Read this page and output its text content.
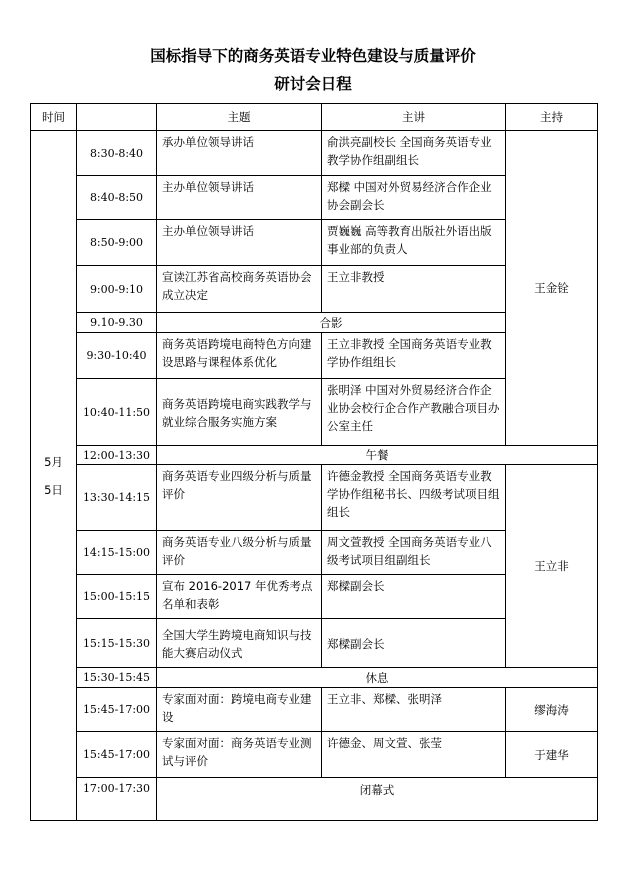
国标指导下的商务英语专业特色建设与质量评价
研讨会日程
时间		主题	主讲	主持
5月5日	8:30-8:40	承办单位领导讲话	俞洪亮副校长 全国商务英语专业教学协作组副组长	王金铨
	8:40-8:50	主办单位领导讲话	郑樑 中国对外贸易经济合作企业协会副会长	
	8:50-9:00	主办单位领导讲话	贾巍巍 高等教育出版社外语出版事业部的负责人	
	9:00-9:10	宣读江苏省高校商务英语协会成立决定	王立非教授	
	9.10-9.30	合影		
	9:30-10:40	商务英语跨境电商特色方向建设思路与课程体系优化	王立非教授 全国商务英语专业教学协作组组长	
	10:40-11:50	商务英语跨境电商实践教学与就业综合服务实施方案	张明泽 中国对外贸易经济合作企业协会校行企合作产教融合项目办公室主任	
	12:00-13:30	午餐		
	13:30-14:15	商务英语专业四级分析与质量评价	许德金教授 全国商务英语专业教学协作组秘书长、四级考试项目组组长	王立非
	14:15-15:00	商务英语专业八级分析与质量评价	周文萱教授 全国商务英语专业八级考试项目组副组长	
	15:00-15:15	宣布 2016-2017 年优秀考点名单和表彰	郑樑副会长	
	15:15-15:30	全国大学生跨境电商知识与技能大赛启动仪式	郑樑副会长	
	15:30-15:45	休息		
	15:45-17:00	专家面对面：跨境电商专业建设	王立非、郑樑、张明泽	缪海涛
	15:45-17:00	专家面对面：商务英语专业测试与评价	许德金、周文萱、张莹	于建华
	17:00-17:30	闭幕式		
